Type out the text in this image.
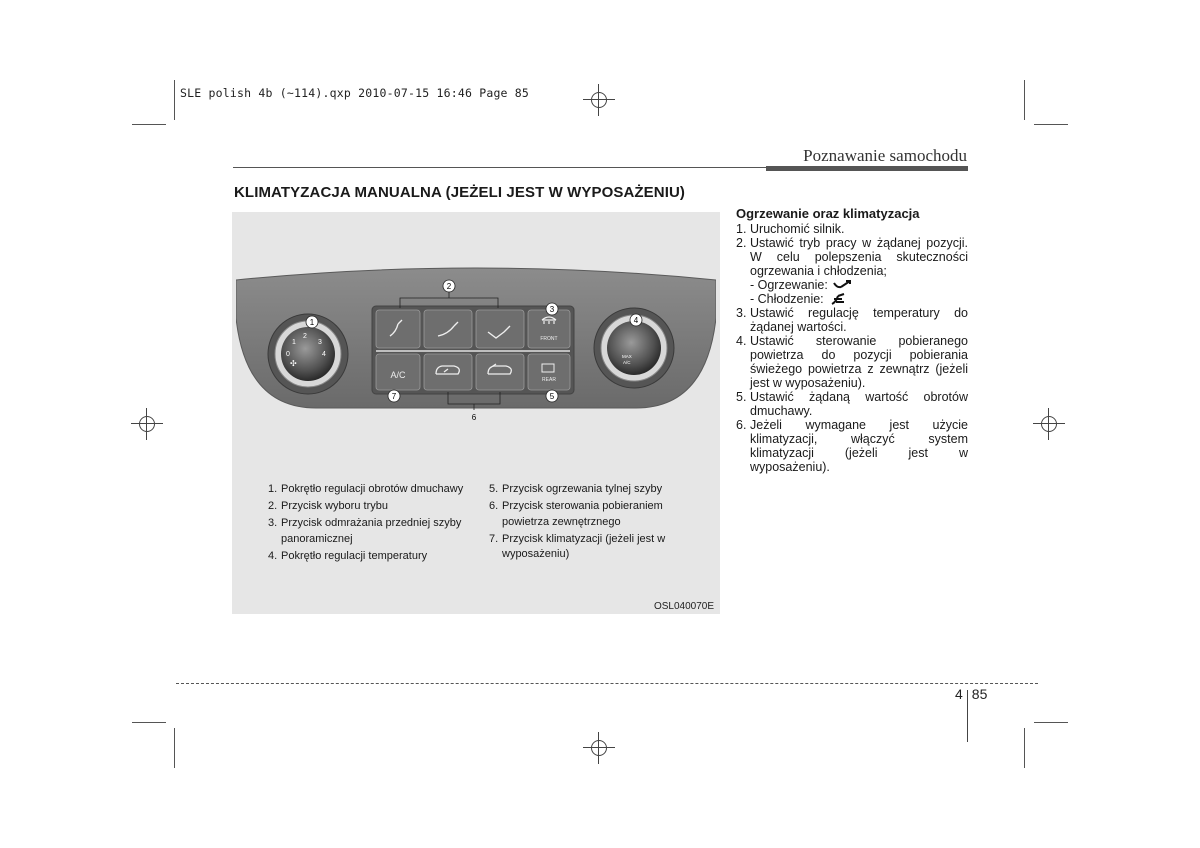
SLE polish 4b (~114).qxp 2010-07-15 16:46 Page 85
Poznawanie samochodu
KLIMATYZACJA MANUALNA (JEŻELI JEST W WYPOSAŻENIU)
FRONT
A/C	REAR
1
2
3
4
0
✣
MAX
A/C
1
2
3
4
5
6
7
1. Pokrętło regulacji obrotów dmuchawy
2. Przycisk wyboru trybu
3. Przycisk odmrażania przedniej szyby panoramicznej
4. Pokrętło regulacji temperatury
5. Przycisk ogrzewania tylnej szyby
6. Przycisk sterowania pobieraniem powietrza zewnętrznego
7. Przycisk klimatyzacji (jeżeli jest w wyposażeniu)
OSL040070E
Ogrzewanie oraz klimatyzacja
1. Uruchomić silnik.
2. Ustawić tryb pracy w żądanej pozycji. W celu polepszenia skuteczności ogrzewania i chłodzenia;
- Ogrzewanie:
- Chłodzenie:
3. Ustawić regulację temperatury do żądanej wartości.
4. Ustawić sterowanie pobieranego powietrza do pozycji pobierania świeżego powietrza z zewnątrz (jeżeli jest w wyposażeniu).
5. Ustawić żądaną wartość obrotów dmuchawy.
6. Jeżeli wymagane jest użycie klimatyzacji, włączyć system klimatyzacji (jeżeli jest w wyposażeniu).
4 85
